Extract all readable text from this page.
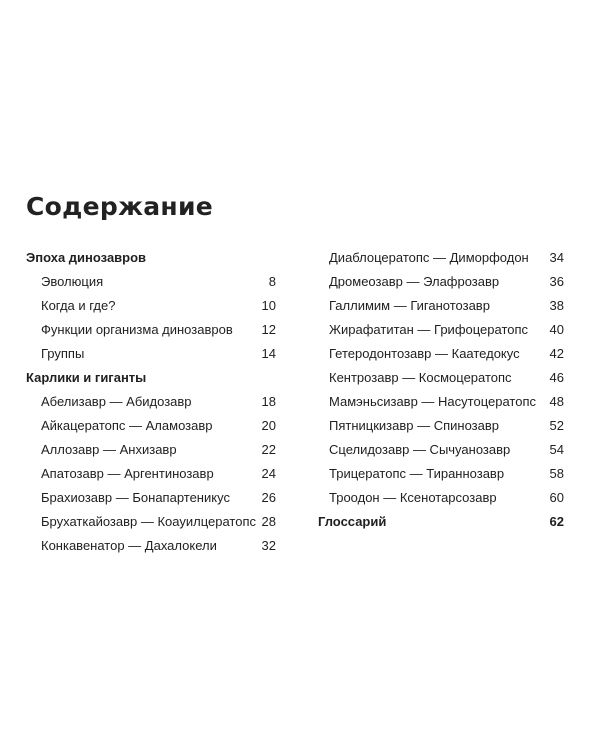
Содержание
Эпоха динозавров
Эволюция	8
Когда и где?	10
Функции организма динозавров 12
Группы	14
Карлики и гиганты
Абелизавр — Абидозавр	18
Айкацератопс — Аламозавр	20
Аллозавр — Анхизавр	22
Апатозавр — Аргентинозавр	24
Брахиозавр — Бонапартеникус 26
Брухаткайозавр — Коауилцератопс 28
Конкавенатор — Дахалокели	32
Диаблоцератопс — Диморфодон 34
Дромеозавр — Элафрозавр	36
Галлимим — Гиганотозавр	38
Жирафатитан — Грифоцератопс 40
Гетеродонтозавр — Каатедокус 42
Кентрозавр — Космоцератопс	46
Мамэньсизавр — Насутоцератопс 48
Пятницкизавр — Спинозавр	52
Сцелидозавр — Сычуанозавр	54
Трицератопс — Тираннозавр	58
Троодон — Ксенотарсозавр	60
Глоссарий	62
